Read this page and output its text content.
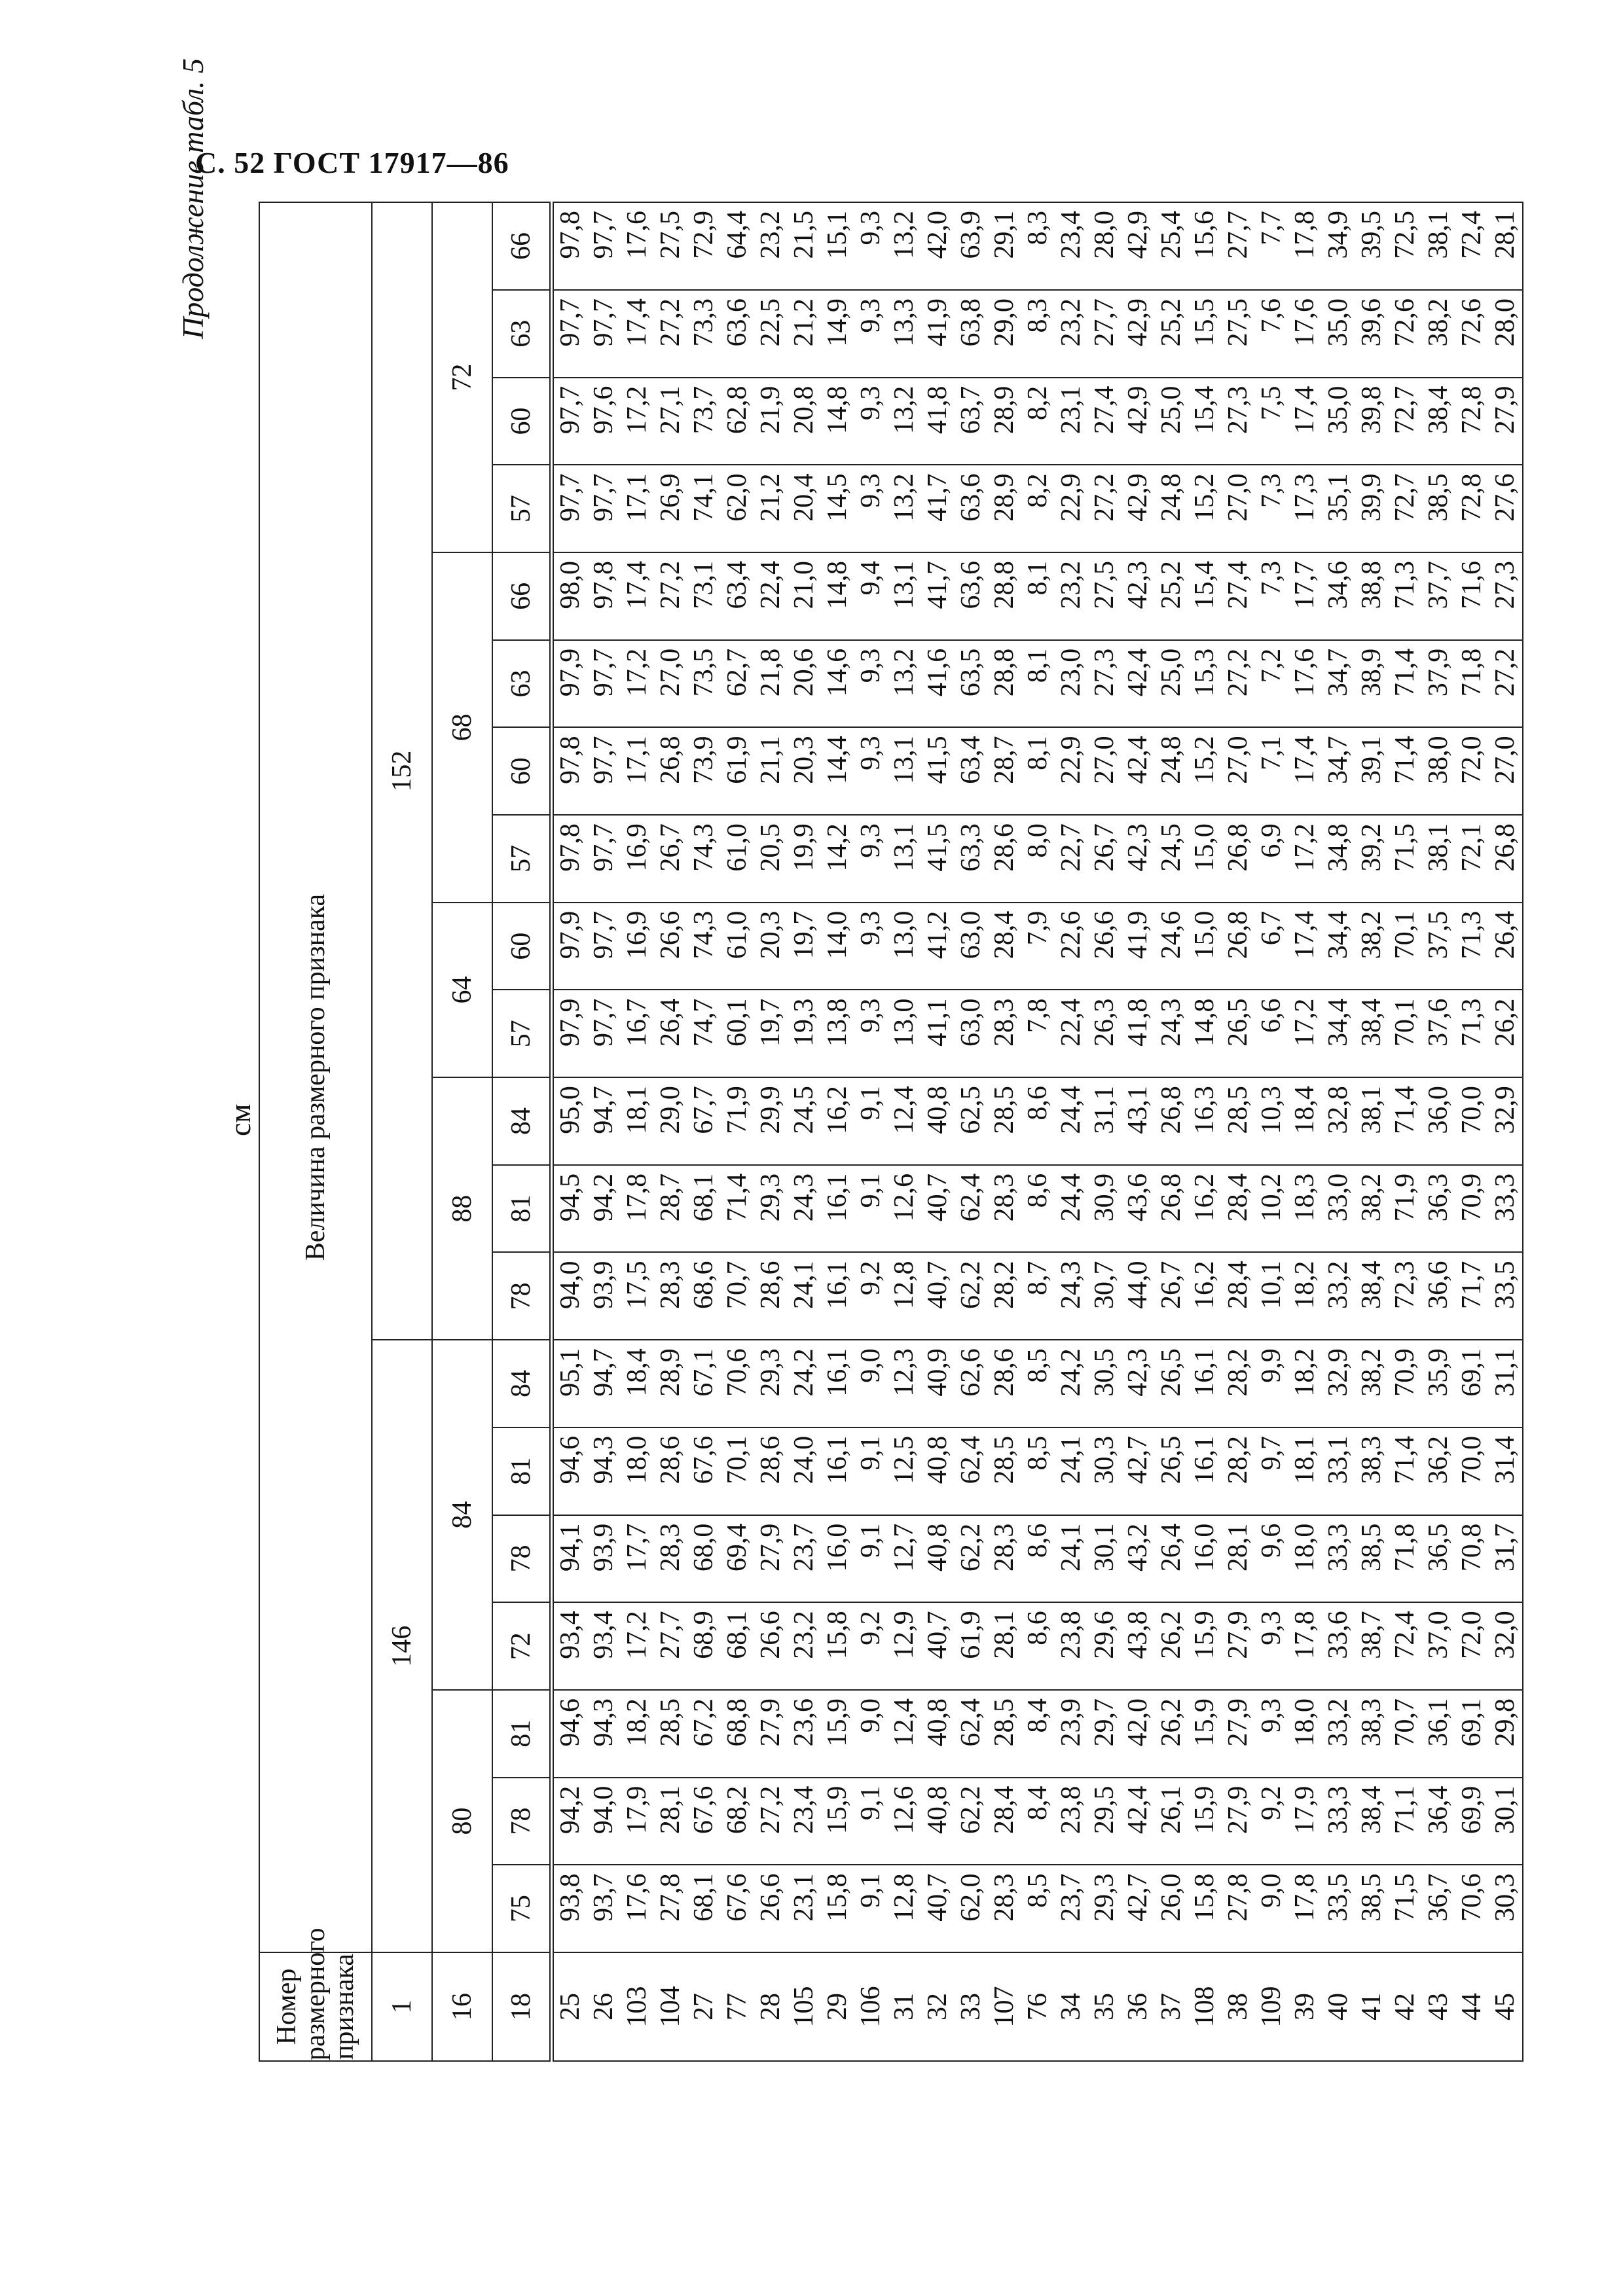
С. 52 ГОСТ 17917—86
Продолжение табл. 5
см
Номер размерного признака	Величина размерного признака																			
1	146							152												
16	80			84				88			64		68				72			
18	75	78	81	72	78	81	84	78	81	84	57	60	57	60	63	66	57	60	63	66
25	93,8	94,2	94,6	93,4	94,1	94,6	95,1	94,0	94,5	95,0	97,9	97,9	97,8	97,8	97,9	98,0	97,7	97,7	97,7	97,8
26	93,7	94,0	94,3	93,4	93,9	94,3	94,7	93,9	94,2	94,7	97,7	97,7	97,7	97,7	97,7	97,8	97,7	97,6	97,7	97,7
103	17,6	17,9	18,2	17,2	17,7	18,0	18,4	17,5	17,8	18,1	16,7	16,9	16,9	17,1	17,2	17,4	17,1	17,2	17,4	17,6
104	27,8	28,1	28,5	27,7	28,3	28,6	28,9	28,3	28,7	29,0	26,4	26,6	26,7	26,8	27,0	27,2	26,9	27,1	27,2	27,5
27	68,1	67,6	67,2	68,9	68,0	67,6	67,1	68,6	68,1	67,7	74,7	74,3	74,3	73,9	73,5	73,1	74,1	73,7	73,3	72,9
77	67,6	68,2	68,8	68,1	69,4	70,1	70,6	70,7	71,4	71,9	60,1	61,0	61,0	61,9	62,7	63,4	62,0	62,8	63,6	64,4
28	26,6	27,2	27,9	26,6	27,9	28,6	29,3	28,6	29,3	29,9	19,7	20,3	20,5	21,1	21,8	22,4	21,2	21,9	22,5	23,2
105	23,1	23,4	23,6	23,2	23,7	24,0	24,2	24,1	24,3	24,5	19,3	19,7	19,9	20,3	20,6	21,0	20,4	20,8	21,2	21,5
29	15,8	15,9	15,9	15,8	16,0	16,1	16,1	16,1	16,1	16,2	13,8	14,0	14,2	14,4	14,6	14,8	14,5	14,8	14,9	15,1
106	9,1	9,1	9,0	9,2	9,1	9,1	9,0	9,2	9,1	9,1	9,3	9,3	9,3	9,3	9,3	9,4	9,3	9,3	9,3	9,3
31	12,8	12,6	12,4	12,9	12,7	12,5	12,3	12,8	12,6	12,4	13,0	13,0	13,1	13,1	13,2	13,1	13,2	13,2	13,3	13,2
32	40,7	40,8	40,8	40,7	40,8	40,8	40,9	40,7	40,7	40,8	41,1	41,2	41,5	41,5	41,6	41,7	41,7	41,8	41,9	42,0
33	62,0	62,2	62,4	61,9	62,2	62,4	62,6	62,2	62,4	62,5	63,0	63,0	63,3	63,4	63,5	63,6	63,6	63,7	63,8	63,9
107	28,3	28,4	28,5	28,1	28,3	28,5	28,6	28,2	28,3	28,5	28,3	28,4	28,6	28,7	28,8	28,8	28,9	28,9	29,0	29,1
76	8,5	8,4	8,4	8,6	8,6	8,5	8,5	8,7	8,6	8,6	7,8	7,9	8,0	8,1	8,1	8,1	8,2	8,2	8,3	8,3
34	23,7	23,8	23,9	23,8	24,1	24,1	24,2	24,3	24,4	24,4	22,4	22,6	22,7	22,9	23,0	23,2	22,9	23,1	23,2	23,4
35	29,3	29,5	29,7	29,6	30,1	30,3	30,5	30,7	30,9	31,1	26,3	26,6	26,7	27,0	27,3	27,5	27,2	27,4	27,7	28,0
36	42,7	42,4	42,0	43,8	43,2	42,7	42,3	44,0	43,6	43,1	41,8	41,9	42,3	42,4	42,4	42,3	42,9	42,9	42,9	42,9
37	26,0	26,1	26,2	26,2	26,4	26,5	26,5	26,7	26,8	26,8	24,3	24,6	24,5	24,8	25,0	25,2	24,8	25,0	25,2	25,4
108	15,8	15,9	15,9	15,9	16,0	16,1	16,1	16,2	16,2	16,3	14,8	15,0	15,0	15,2	15,3	15,4	15,2	15,4	15,5	15,6
38	27,8	27,9	27,9	27,9	28,1	28,2	28,2	28,4	28,4	28,5	26,5	26,8	26,8	27,0	27,2	27,4	27,0	27,3	27,5	27,7
109	9,0	9,2	9,3	9,3	9,6	9,7	9,9	10,1	10,2	10,3	6,6	6,7	6,9	7,1	7,2	7,3	7,3	7,5	7,6	7,7
39	17,8	17,9	18,0	17,8	18,0	18,1	18,2	18,2	18,3	18,4	17,2	17,4	17,2	17,4	17,6	17,7	17,3	17,4	17,6	17,8
40	33,5	33,3	33,2	33,6	33,3	33,1	32,9	33,2	33,0	32,8	34,4	34,4	34,8	34,7	34,7	34,6	35,1	35,0	35,0	34,9
41	38,5	38,4	38,3	38,7	38,5	38,3	38,2	38,4	38,2	38,1	38,4	38,2	39,2	39,1	38,9	38,8	39,9	39,8	39,6	39,5
42	71,5	71,1	70,7	72,4	71,8	71,4	70,9	72,3	71,9	71,4	70,1	70,1	71,5	71,4	71,4	71,3	72,7	72,7	72,6	72,5
43	36,7	36,4	36,1	37,0	36,5	36,2	35,9	36,6	36,3	36,0	37,6	37,5	38,1	38,0	37,9	37,7	38,5	38,4	38,2	38,1
44	70,6	69,9	69,1	72,0	70,8	70,0	69,1	71,7	70,9	70,0	71,3	71,3	72,1	72,0	71,8	71,6	72,8	72,8	72,6	72,4
45	30,3	30,1	29,8	32,0	31,7	31,4	31,1	33,5	33,3	32,9	26,2	26,4	26,8	27,0	27,2	27,3	27,6	27,9	28,0	28,1
